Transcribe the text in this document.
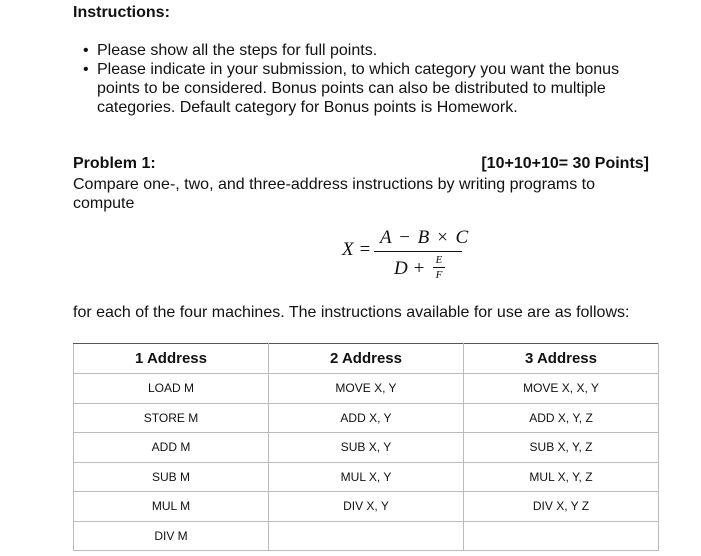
Instructions:
• Please show all the steps for full points.
• Please indicate in your submission, to which category you want the bonus points to be considered. Bonus points can also be distributed to multiple categories. Default category for Bonus points is Homework.
Problem 1:	[10+10+10= 30 Points]
Compare one-, two, and three-address instructions by writing programs to compute
X =
A − B × C
D + E
F
for each of the four machines. The instructions available for use are as follows:
1 Address	2 Address	3 Address
LOAD M	MOVE X, Y	MOVE X, X, Y
STORE M	ADD X, Y	ADD X, Y, Z
ADD M	SUB X, Y	SUB X, Y, Z
SUB M	MUL X, Y	MUL X, Y, Z
MUL M	DIV X, Y	DIV X, Y Z
DIV M		
